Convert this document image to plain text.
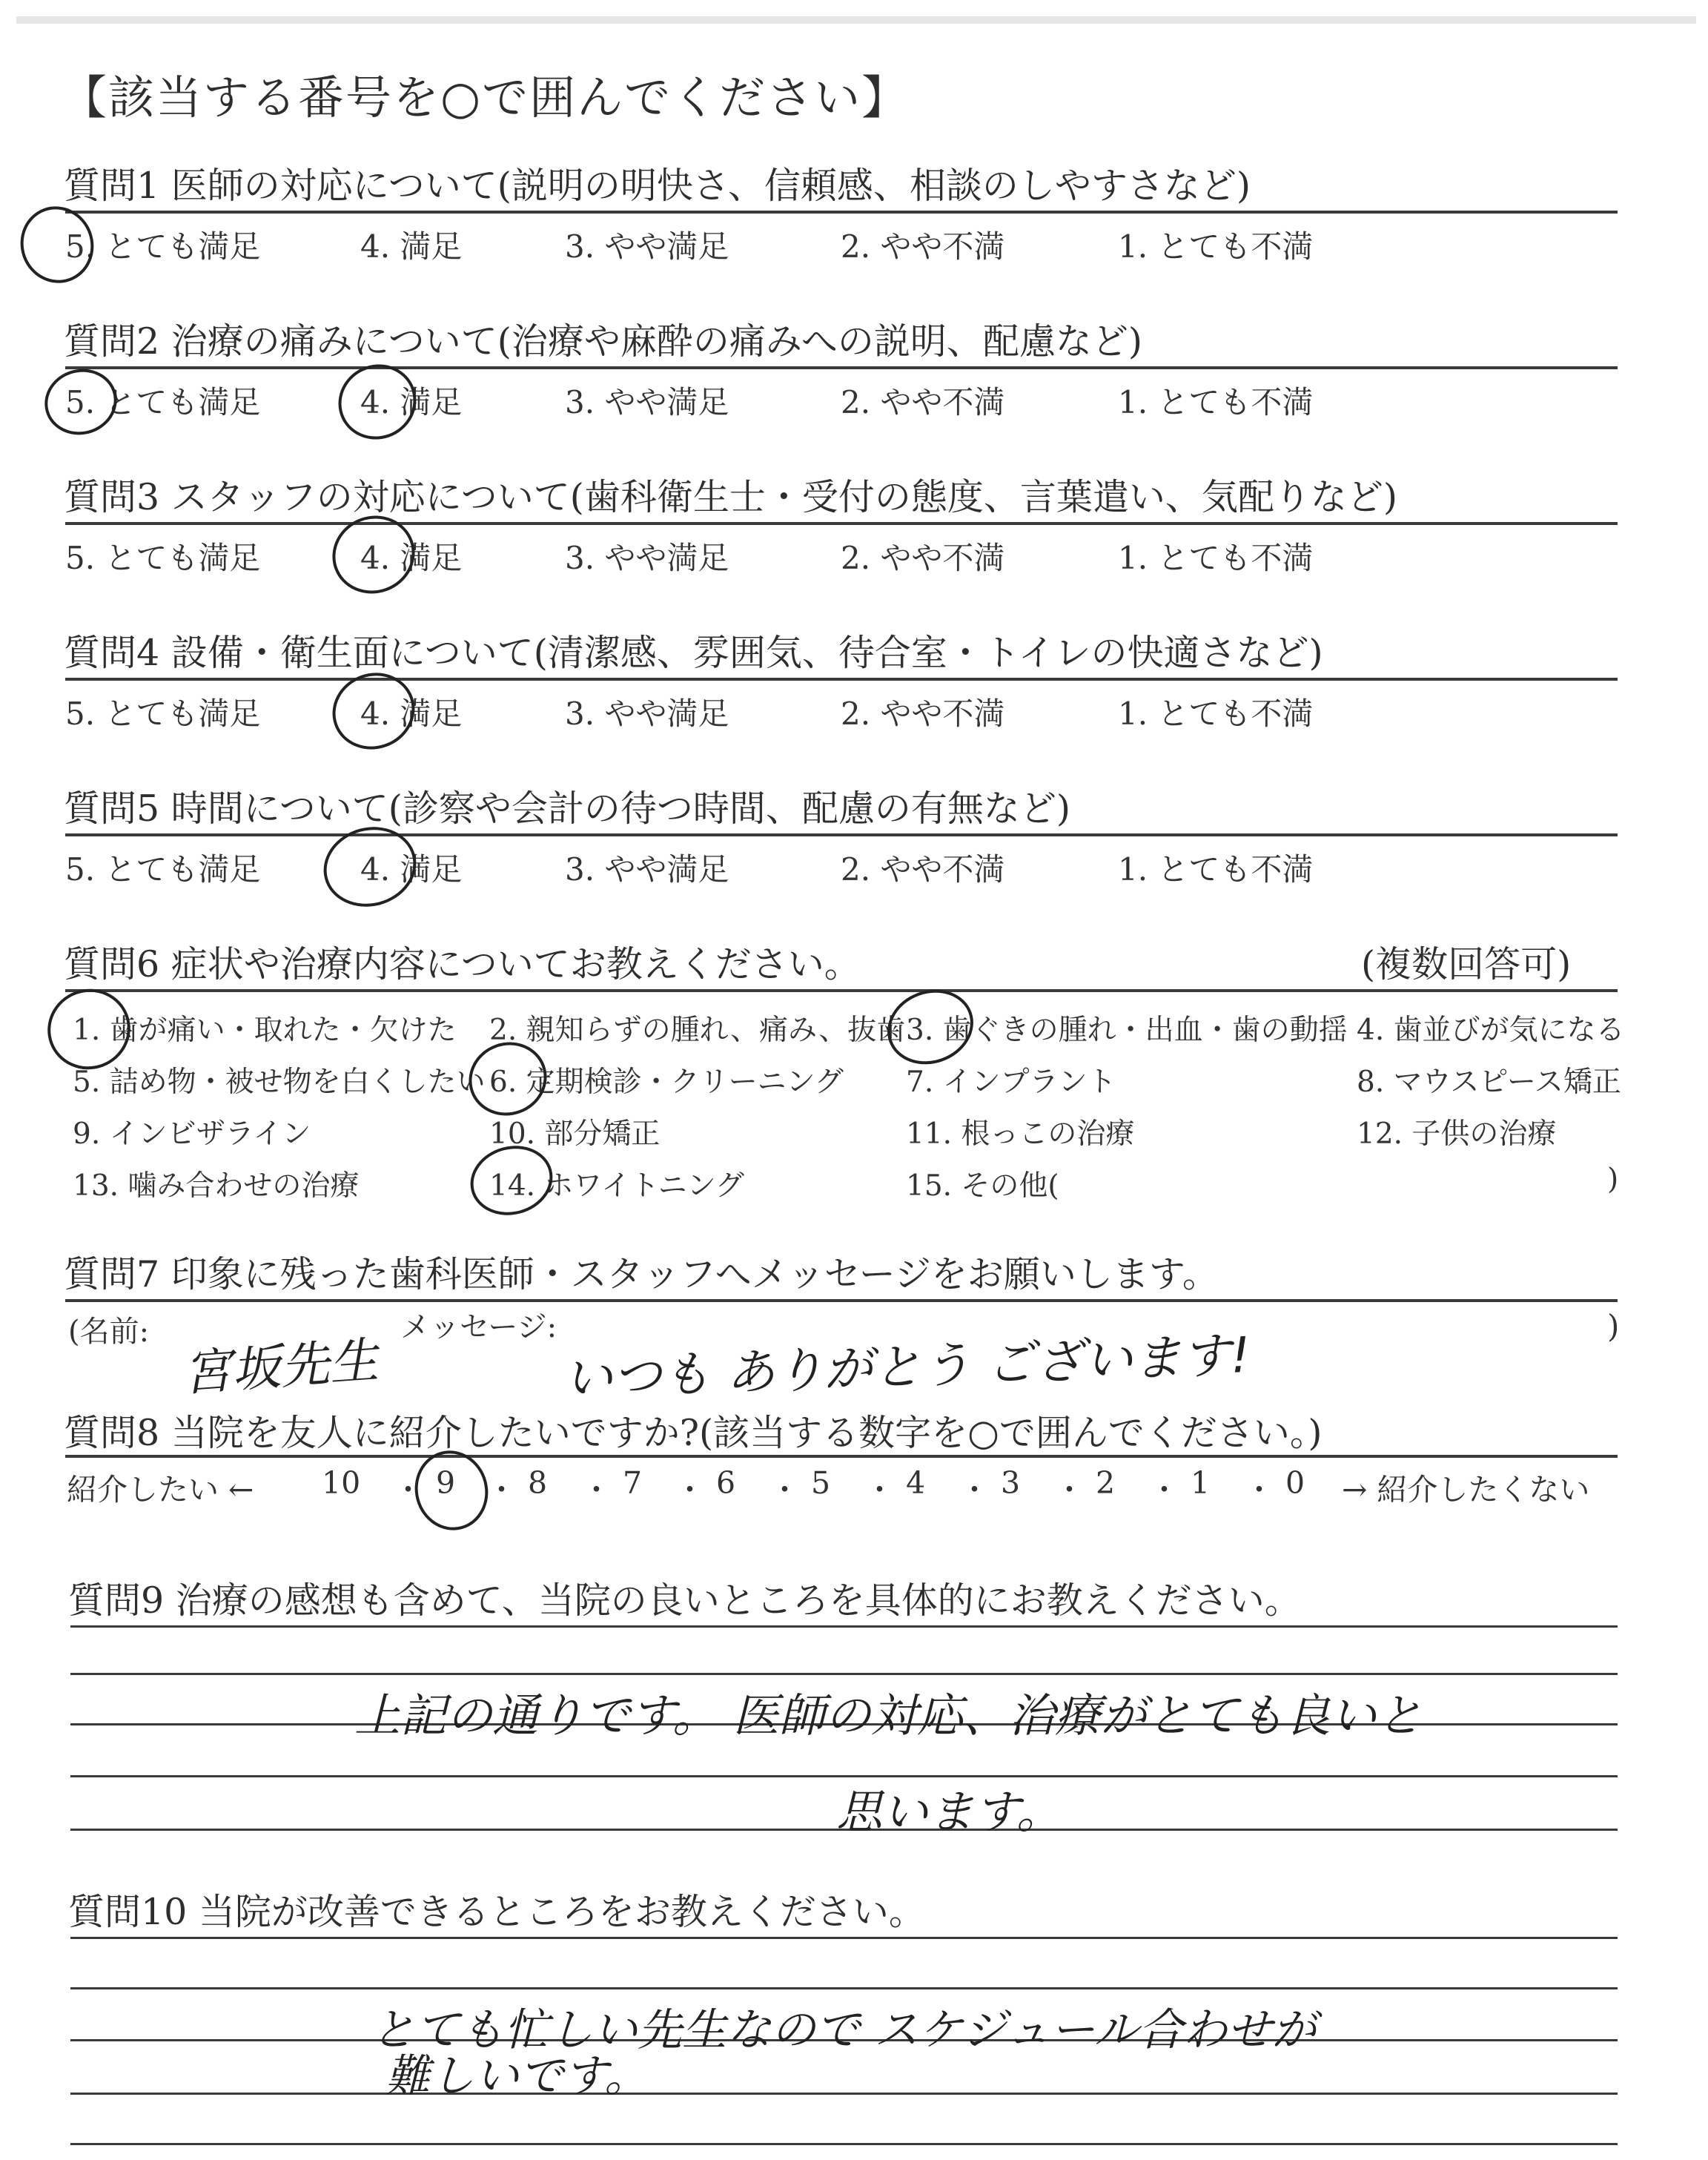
【該当する番号を○で囲んでください】
質問1 医師の対応について(説明の明快さ、信頼感、相談のしやすさなど)
5. とても満足	4. 満足	3. やや満足	2. やや不満	1. とても不満
質問2 治療の痛みについて(治療や麻酔の痛みへの説明、配慮など)
5. とても満足	4. 満足	3. やや満足	2. やや不満	1. とても不満
質問3 スタッフの対応について(歯科衛生士・受付の態度、言葉遣い、気配りなど)
5. とても満足	4. 満足	3. やや満足	2. やや不満	1. とても不満
質問4 設備・衛生面について(清潔感、雰囲気、待合室・トイレの快適さなど)
5. とても満足	4. 満足	3. やや満足	2. やや不満	1. とても不満
質問5 時間について(診察や会計の待つ時間、配慮の有無など)
5. とても満足	4. 満足	3. やや満足	2. やや不満	1. とても不満
質問6 症状や治療内容についてお教えください。	(複数回答可)
1. 歯が痛い・取れた・欠けた 2. 親知らずの腫れ、痛み、抜歯 3. 歯ぐきの腫れ・出血・歯の動揺 4. 歯並びが気になる
5. 詰め物・被せ物を白くしたい 6. 定期検診・クリーニング 7. インプラント	8. マウスピース矯正
9. インビザライン	10. 部分矯正	11. 根っこの治療	12. 子供の治療
13. 噛み合わせの治療	14. ホワイトニング	15. その他(	)
質問7 印象に残った歯科医師・スタッフへメッセージをお願いします。
(名前: 宮坂先生
メッセージ: いつも ありがとう ございます!
)
質問8 当院を友人に紹介したいですか?(該当する数字を○で囲んでください。)
紹介したい ← 10 9 8 7 6 5 4 3 2 1 0
・ ・ ・ ・ ・ ・ ・ ・ ・ ・ → 紹介したくない
質問9 治療の感想も含めて、当院の良いところを具体的にお教えください。
上記の通りです。 医師の対応、治療がとても良いと
思います。
質問10 当院が改善できるところをお教えください。
とても忙しい先生なので スケジュール合わせが
難しいです。
